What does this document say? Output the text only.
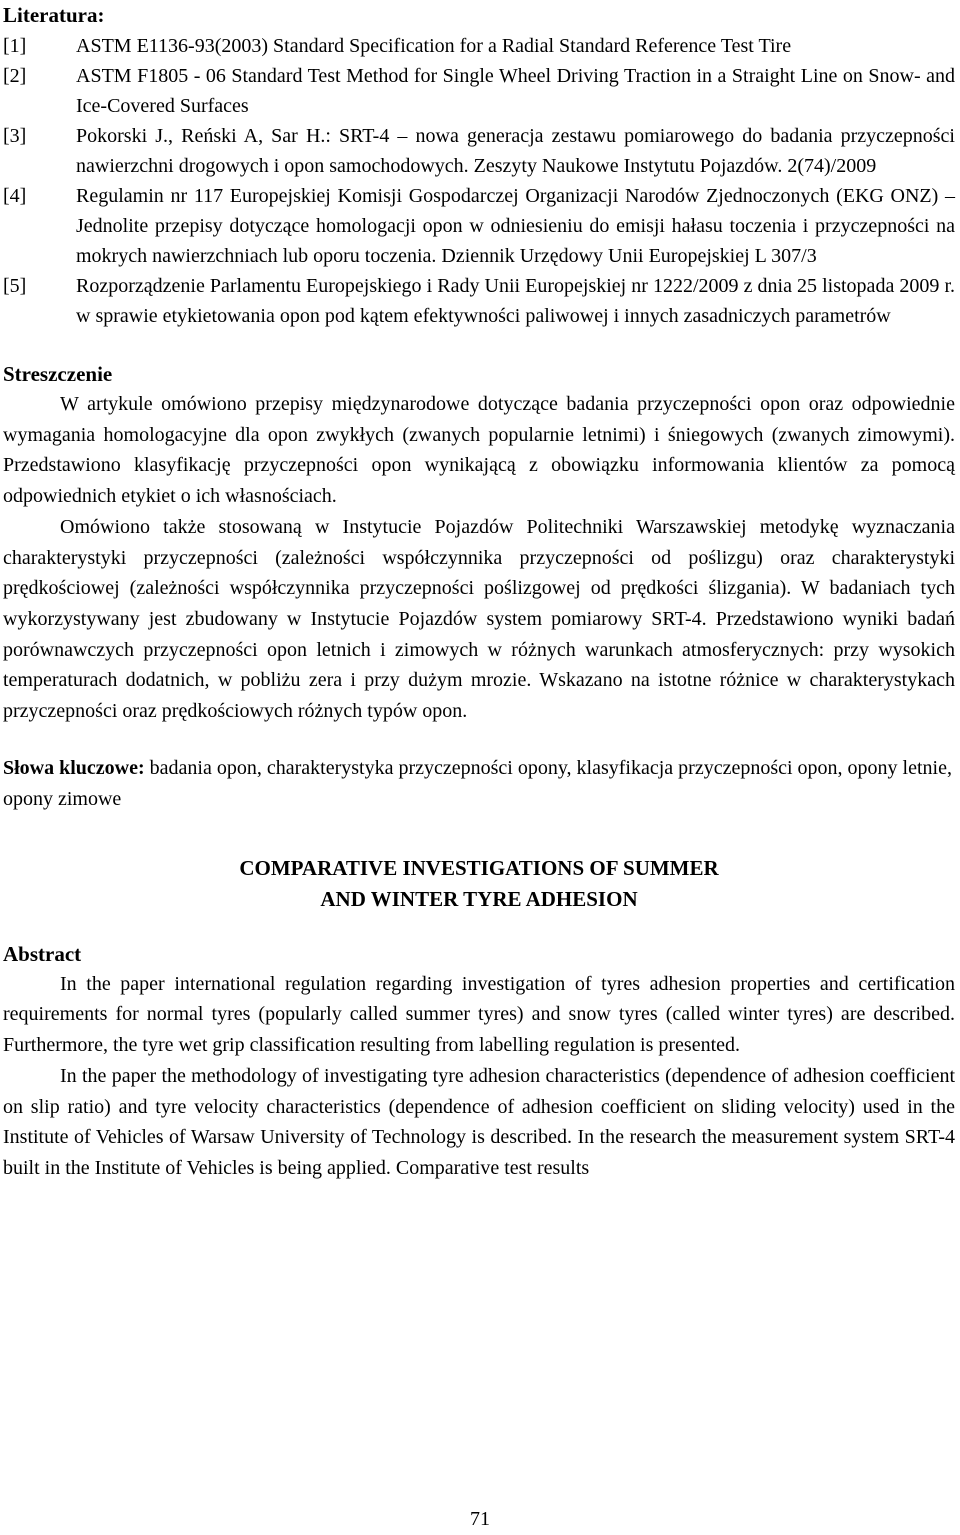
Literatura:
[1]	ASTM E1136-93(2003) Standard Specification for a Radial Standard Reference Test Tire
[2]	ASTM F1805 - 06 Standard Test Method for Single Wheel Driving Traction in a Straight Line on Snow- and Ice-Covered Surfaces
[3]	Pokorski J., Reński A, Sar H.: SRT-4 – nowa generacja zestawu pomiarowego do badania przyczepności nawierzchni drogowych i opon samochodowych. Zeszyty Naukowe Instytutu Pojazdów. 2(74)/2009
[4]	Regulamin nr 117 Europejskiej Komisji Gospodarczej Organizacji Narodów Zjednoczonych (EKG ONZ) – Jednolite przepisy dotyczące homologacji opon w odniesieniu do emisji hałasu toczenia i przyczepności na mokrych nawierzchniach lub oporu toczenia. Dziennik Urzędowy Unii Europejskiej L 307/3
[5]	Rozporządzenie Parlamentu Europejskiego i Rady Unii Europejskiej nr 1222/2009 z dnia 25 listopada 2009 r. w sprawie etykietowania opon pod kątem efektywności paliwowej i innych zasadniczych parametrów
Streszczenie

W artykule omówiono przepisy międzynarodowe dotyczące badania przyczepności opon oraz odpowiednie wymagania homologacyjne dla opon zwykłych (zwanych popularnie letnimi) i śniegowych (zwanych zimowymi). Przedstawiono klasyfikację przyczepności opon wynikającą z obowiązku informowania klientów za pomocą odpowiednich etykiet o ich własnościach.

Omówiono także stosowaną w Instytucie Pojazdów Politechniki Warszawskiej metodykę wyznaczania charakterystyki przyczepności (zależności współczynnika przyczepności od poślizgu) oraz charakterystyki prędkościowej (zależności współczynnika przyczepności poślizgowej od prędkości ślizgania). W badaniach tych wykorzystywany jest zbudowany w Instytucie Pojazdów system pomiarowy SRT-4. Przedstawiono wyniki badań porównawczych przyczepności opon letnich i zimowych w różnych warunkach atmosferycznych: przy wysokich temperaturach dodatnich, w pobliżu zera i przy dużym mrozie. Wskazano na istotne różnice w charakterystykach przyczepności oraz prędkościowych różnych typów opon.

Słowa kluczowe: badania opon, charakterystyka przyczepności opony, klasyfikacja przyczepności opon, opony letnie, opony zimowe
COMPARATIVE INVESTIGATIONS OF SUMMER
AND WINTER TYRE ADHESION
Abstract

In the paper international regulation regarding investigation of tyres adhesion properties and certification requirements for normal tyres (popularly called summer tyres) and snow tyres (called winter tyres) are described. Furthermore, the tyre wet grip classification resulting from labelling regulation is presented.

In the paper the methodology of investigating tyre adhesion characteristics (dependence of adhesion coefficient on slip ratio) and tyre velocity characteristics (dependence of adhesion coefficient on sliding velocity) used in the Institute of Vehicles of Warsaw University of Technology is described. In the research the measurement system SRT-4 built in the Institute of Vehicles is being applied. Comparative test results

71
